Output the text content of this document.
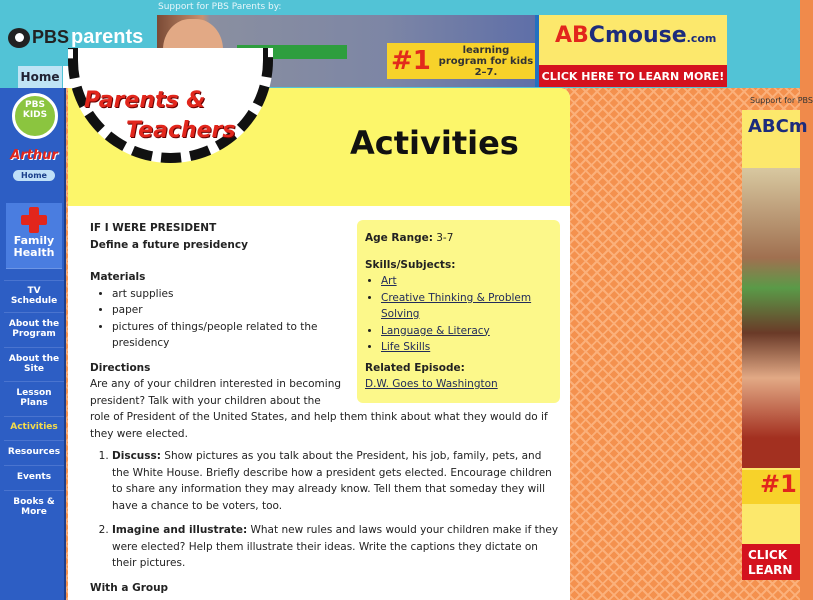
Support for PBS Parents by:
PBS parents
#1	learning program for kids 2–7.
ABCmouse.com
CLICK HERE TO LEARN MORE!
Home
PBS KIDS
Arthur
Home
Family Health
TV Schedule
About the Program
About the Site
Lesson Plans
Activities
Resources
Events
Books & More
Parents &
Teachers	Activities
Age Range: 3-7
Skills/Subjects:
• Art
• Creative Thinking & Problem Solving
• Language & Literacy
• Life Skills
Related Episode:
D.W. Goes to Washington
IF I WERE PRESIDENT
Define a future presidency
Materials
• art supplies
• paper
• pictures of things/people related to the presidency
Directions

Are any of your children interested in becoming president? Talk with your children about the role of President of the United States, and help them think about what they would do if they were elected.

1. Discuss: Show pictures as you talk about the President, his job, family, pets, and the White House. Briefly describe how a president gets elected. Encourage children to share any information they may already know. Tell them that someday they will have a chance to be voters, too.
2. Imagine and illustrate: What new rules and laws would your children make if they were elected? Help them illustrate their ideas. Write the captions they dictate on their pictures.
With a Group
Support for PBS
ABCm
#1
CLICK LEARN
